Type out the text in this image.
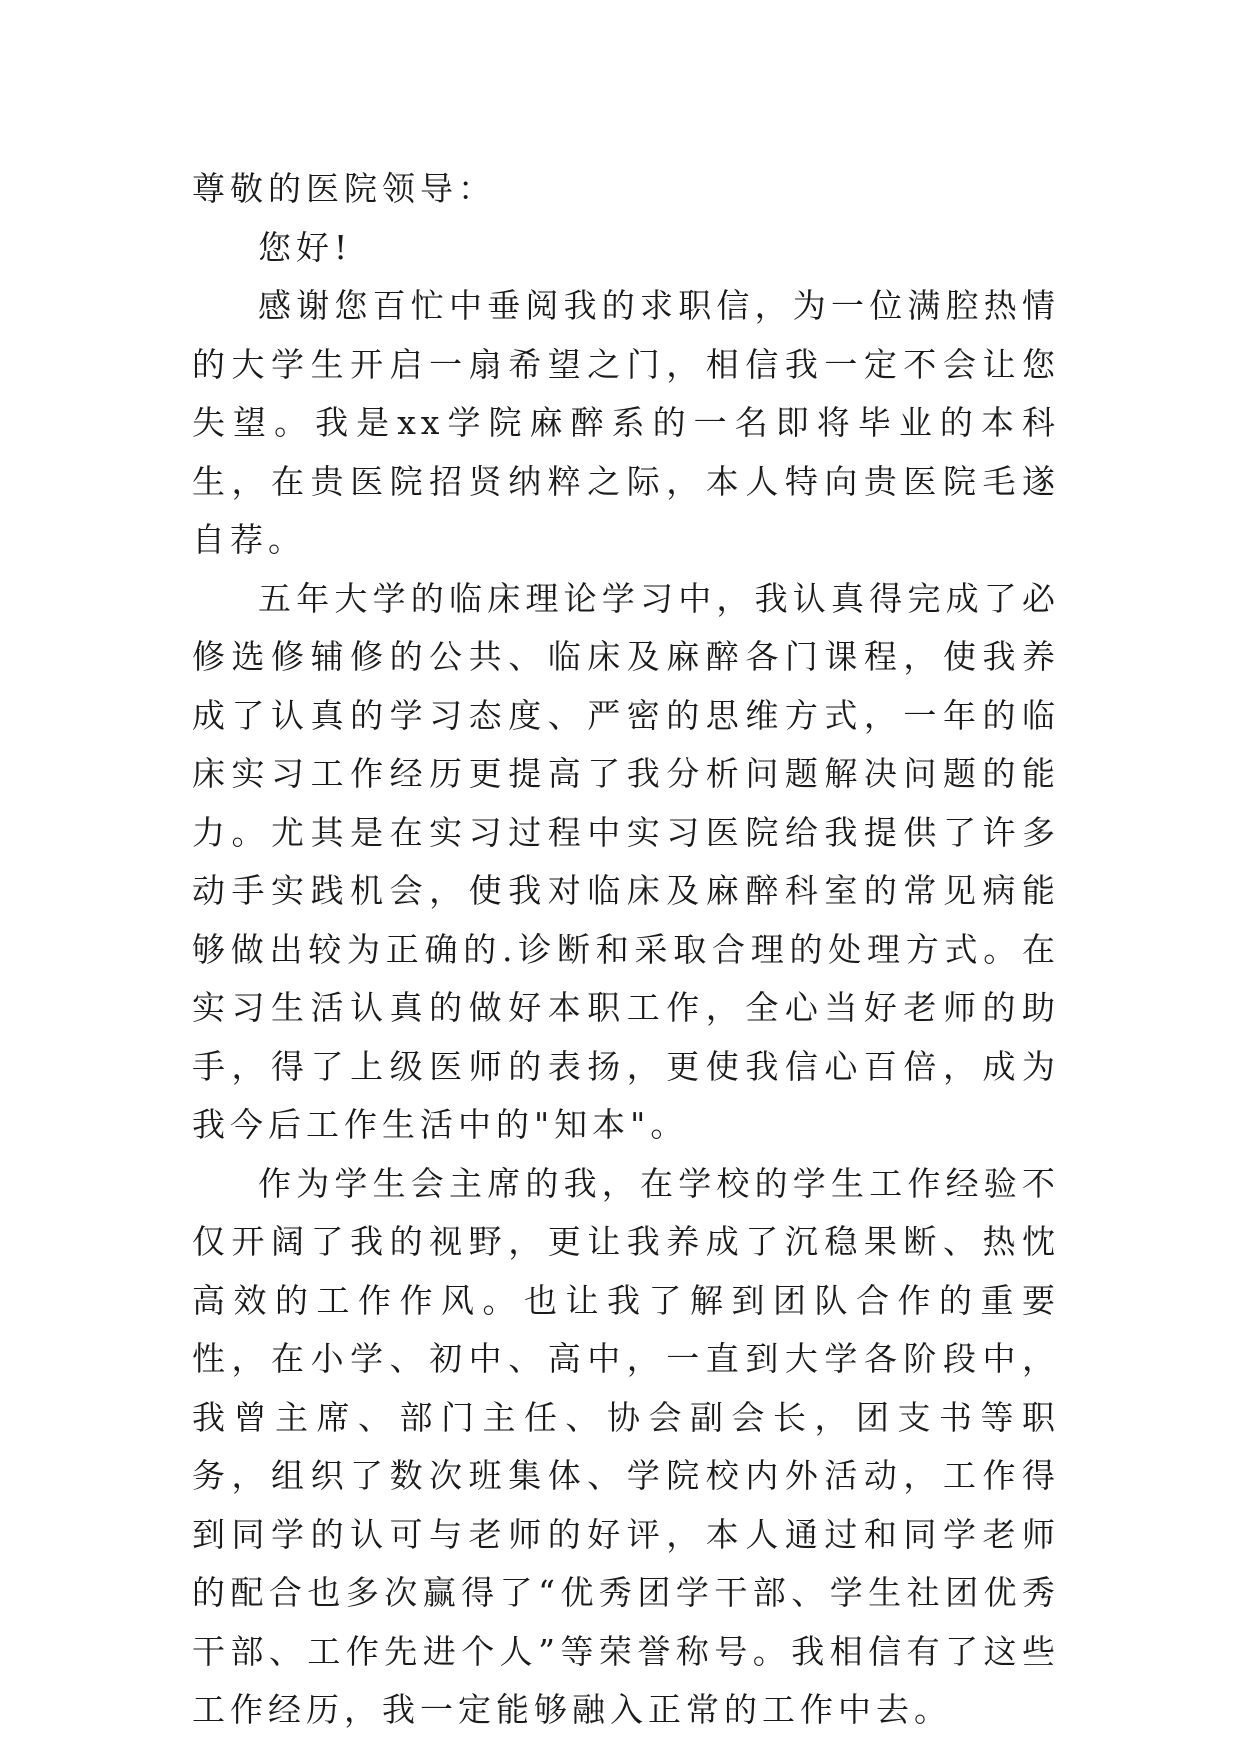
尊敬的医院领导：

您好!

感谢您百忙中垂阅我的求职信，为一位满腔热情的大学生开启一扇希望之门，相信我一定不会让您失望。我是xx学院麻醉系的一名即将毕业的本科生，在贵医院招贤纳粹之际，本人特向贵医院毛遂自荐。

五年大学的临床理论学习中，我认真得完成了必修选修辅修的公共、临床及麻醉各门课程，使我养成了认真的学习态度、严密的思维方式，一年的临床实习工作经历更提高了我分析问题解决问题的能力。尤其是在实习过程中实习医院给我提供了许多动手实践机会，使我对临床及麻醉科室的常见病能够做出较为正确的.诊断和采取合理的处理方式。在实习生活认真的做好本职工作，全心当好老师的助手，得了上级医师的表扬，更使我信心百倍，成为我今后工作生活中的"知本"。

作为学生会主席的我，在学校的学生工作经验不仅开阔了我的视野，更让我养成了沉稳果断、热忱高效的工作作风。也让我了解到团队合作的重要性，在小学、初中、高中，一直到大学各阶段中，我曾主席、部门主任、协会副会长，团支书等职务，组织了数次班集体、学院校内外活动，工作得到同学的认可与老师的好评，本人通过和同学老师的配合也多次赢得了“优秀团学干部、学生社团优秀干部、工作先进个人”等荣誉称号。我相信有了这些工作经历，我一定能够融入正常的工作中去。
